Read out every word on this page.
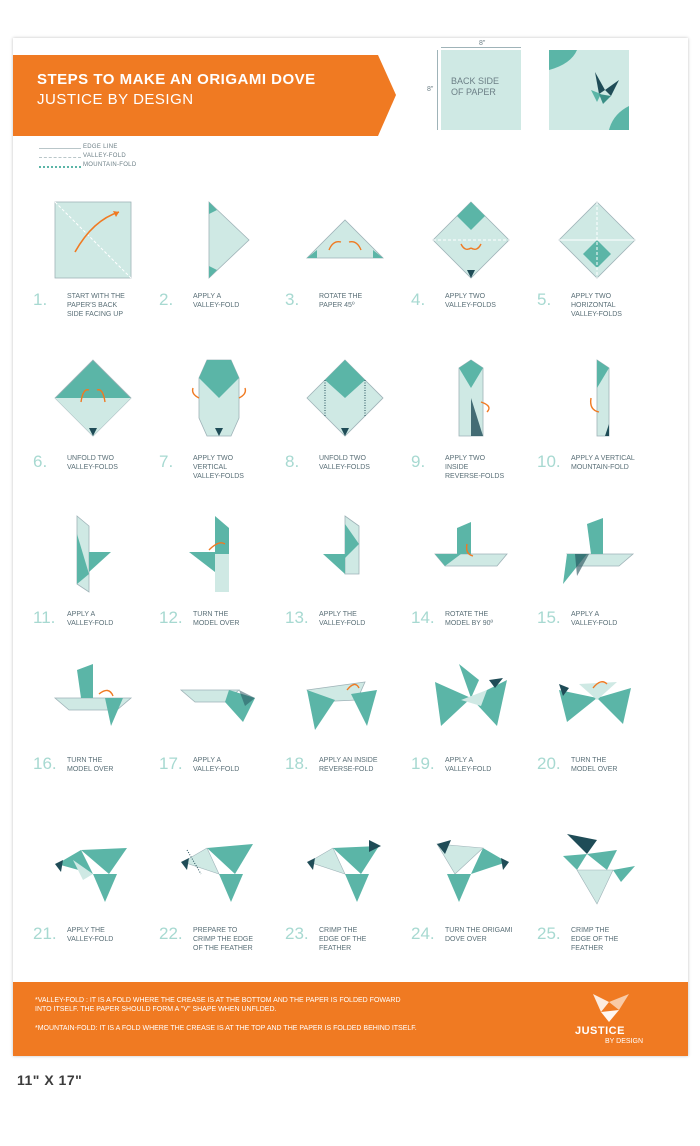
STEPS TO MAKE AN ORIGAMI DOVE
JUSTICE BY DESIGN
EDGE LINE
VALLEY-FOLD
MOUNTAIN-FOLD
8"
8"
BACK SIDE
OF PAPER
1.	START WITH THE
PAPER'S BACK
SIDE FACING UP
2.	APPLY A
VALLEY-FOLD	3.	ROTATE THE
PAPER 45º	4.	APPLY TWO
VALLEY-FOLDS 5.	APPLY TWO
HORIZONTAL
VALLEY-FOLDS
6.	UNFOLD TWO
VALLEY-FOLDS 7.	APPLY TWO
VERTICAL
VALLEY-FOLDS
8.	UNFOLD TWO
VALLEY-FOLDS 9.	APPLY TWO
INSIDE
REVERSE-FOLDS
10. APPLY A VERTICAL
MOUNTAIN-FOLD
11. APPLY A
VALLEY-FOLD	12. TURN THE
MODEL OVER	13. APPLY THE
VALLEY-FOLD	14. ROTATE THE
MODEL BY 90º	15. APPLY A
VALLEY-FOLD
16. TURN THE
MODEL OVER	17. APPLY A
VALLEY-FOLD	18. APPLY AN INSIDE
REVERSE-FOLD 19. APPLY A
VALLEY-FOLD	20. TURN THE
MODEL OVER
21. APPLY THE
VALLEY-FOLD	22. PREPARE TO
CRIMP THE EDGE
OF THE FEATHER
23. CRIMP THE
EDGE OF THE
FEATHER
24. TURN THE ORIGAMI
DOVE OVER	25. CRIMP THE
EDGE OF THE
FEATHER
*VALLEY-FOLD : IT IS A FOLD WHERE THE CREASE IS AT THE BOTTOM AND THE PAPER IS FOLDED FOWARD
INTO ITSELF. THE PAPER SHOULD FORM A "V" SHAPE WHEN UNFLDED.
*MOUNTAIN-FOLD: IT IS A FOLD WHERE THE CREASE IS AT THE TOP AND THE PAPER IS FOLDED BEHIND ITSELF.	JUSTICE
BY DESIGN
11" X 17"
